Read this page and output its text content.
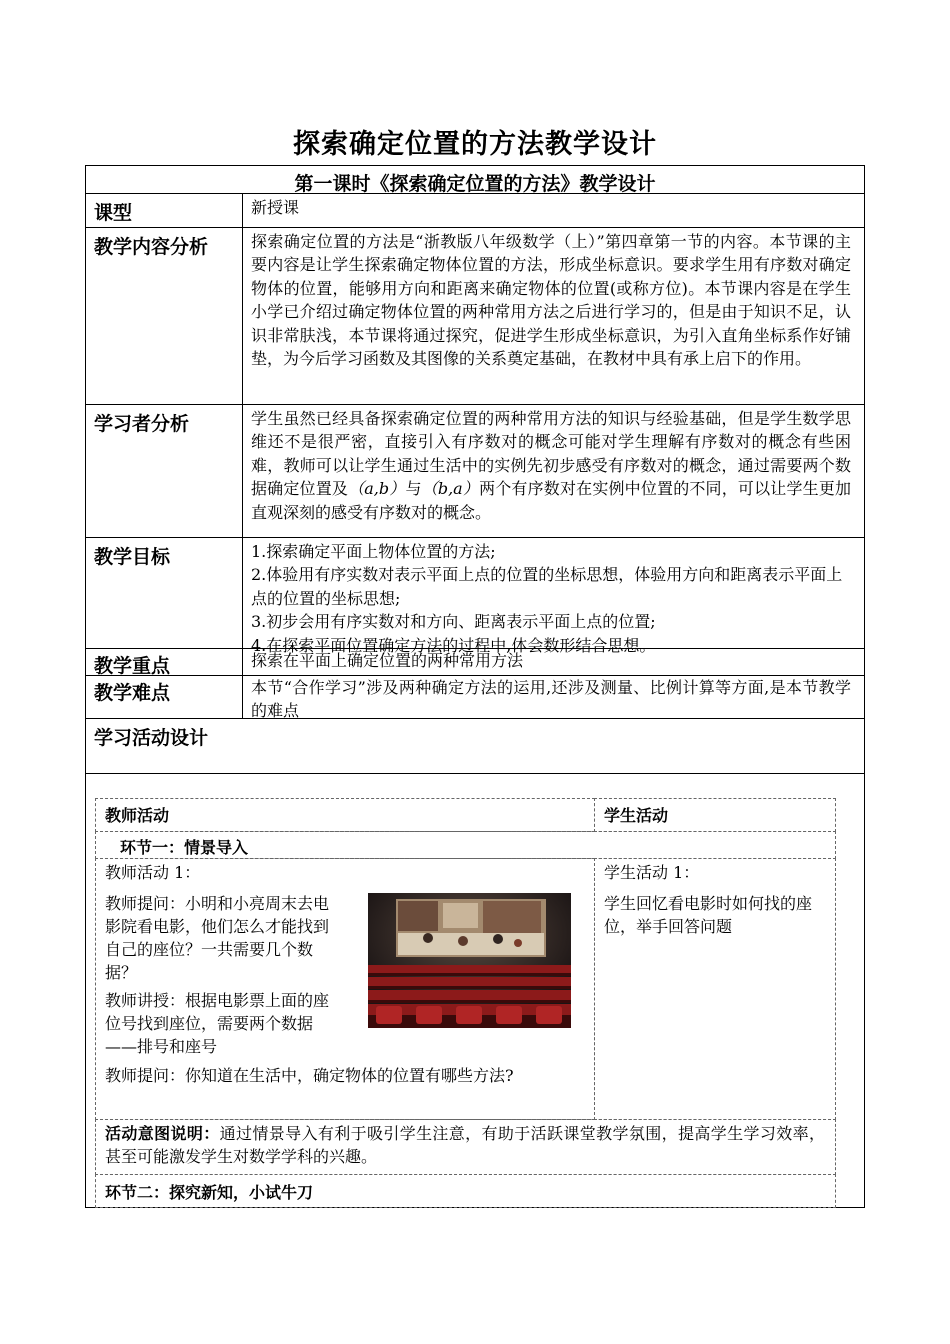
探索确定位置的方法教学设计
第一课时《探索确定位置的方法》教学设计
课型	新授课
教学内容分析	探索确定位置的方法是“浙教版八年级数学（上）”第四章第一节的内容。本节课的主要内容是让学生探索确定物体位置的方法，形成坐标意识。要求学生用有序数对确定物体的位置，能够用方向和距离来确定物体的位置(或称方位)。本节课内容是在学生小学已介绍过确定物体位置的两种常用方法之后进行学习的，但是由于知识不足，认识非常肤浅，本节课将通过探究，促进学生形成坐标意识，为引入直角坐标系作好铺垫，为今后学习函数及其图像的关系奠定基础，在教材中具有承上启下的作用。
学习者分析	学生虽然已经具备探索确定位置的两种常用方法的知识与经验基础，但是学生数学思维还不是很严密，直接引入有序数对的概念可能对学生理解有序数对的概念有些困难，教师可以让学生通过生活中的实例先初步感受有序数对的概念，通过需要两个数据确定位置及（a,b）与（b,a）两个有序数对在实例中位置的不同，可以让学生更加直观深刻的感受有序数对的概念。
教学目标	1.探索确定平面上物体位置的方法;
2.体验用有序实数对表示平面上点的位置的坐标思想，体验用方向和距离表示平面上点的位置的坐标思想;
3.初步会用有序实数对和方向、距离表示平面上点的位置;
4.在探索平面位置确定方法的过程中,体会数形结合思想。
教学重点	探索在平面上确定位置的两种常用方法
教学难点	本节“合作学习”涉及两种确定方法的运用,还涉及测量、比例计算等方面,是本节教学的难点
学习活动设计
教师活动	学生活动
环节一：情景导入
教师活动 1：
教师提问：小明和小亮周末去电影院看电影，他们怎么才能找到自己的座位？一共需要几个数据？
教师讲授：根据电影票上面的座位号找到座位，需要两个数据——排号和座号
教师提问：你知道在生活中，确定物体的位置有哪些方法?
学生活动 1：
学生回忆看电影时如何找的座位，举手回答问题
活动意图说明：通过情景导入有利于吸引学生注意，有助于活跃课堂教学氛围，提高学生学习效率，甚至可能激发学生对数学学科的兴趣。
环节二：探究新知，小试牛刀
